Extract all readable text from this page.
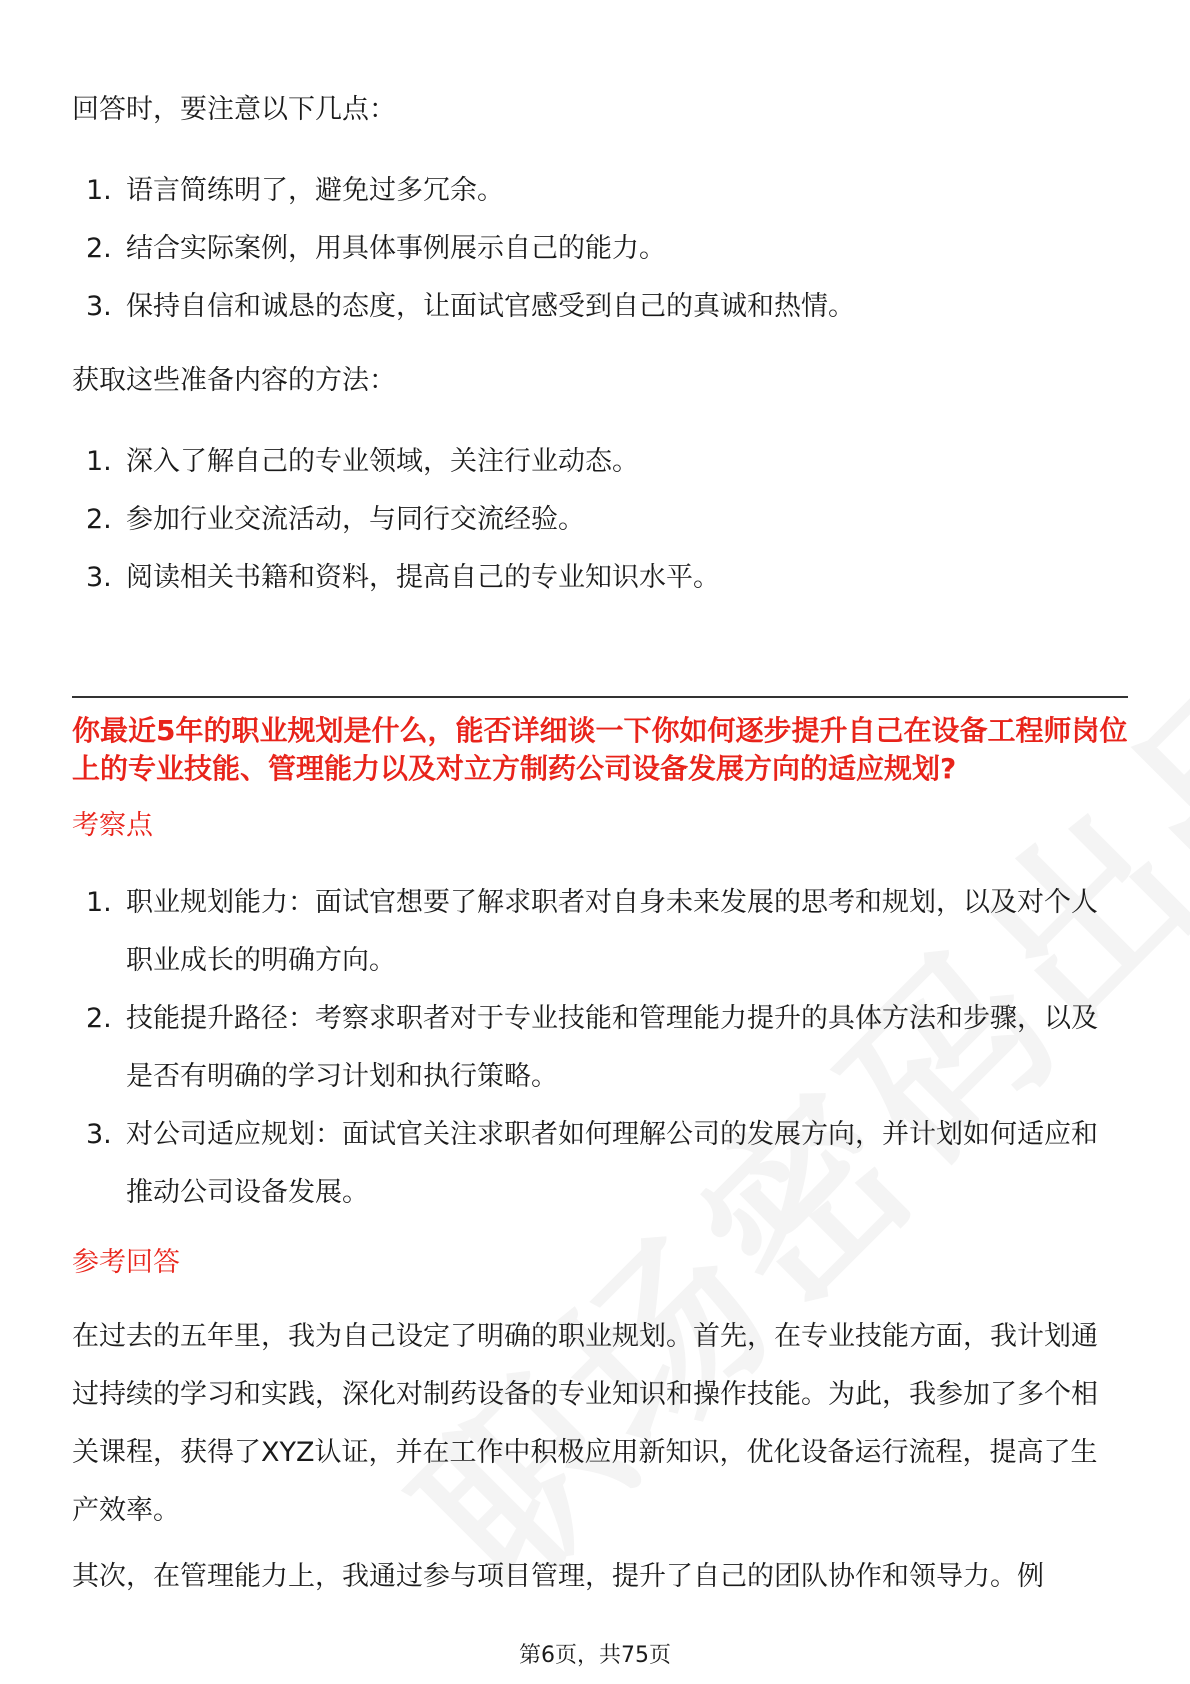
回答时，要注意以下几点：

1. 语言简练明了，避免过多冗余。
2. 结合实际案例，用具体事例展示自己的能力。
3. 保持自信和诚恳的态度，让面试官感受到自己的真诚和热情。

获取这些准备内容的方法：

1. 深入了解自己的专业领域，关注行业动态。
2. 参加行业交流活动，与同行交流经验。
3. 阅读相关书籍和资料，提高自己的专业知识水平。

你最近5年的职业规划是什么，能否详细谈一下你如何逐步提升自己在设备工程师岗位上的专业技能、管理能力以及对立方制药公司设备发展方向的适应规划?

考察点
1. 职业规划能力：面试官想要了解求职者对自身未来发展的思考和规划，以及对个人职业成长的明确方向。
2. 技能提升路径：考察求职者对于专业技能和管理能力提升的具体方法和步骤，以及是否有明确的学习计划和执行策略。
3. 对公司适应规划：面试官关注求职者如何理解公司的发展方向，并计划如何适应和推动公司设备发展。
参考回答

在过去的五年里，我为自己设定了明确的职业规划。首先，在专业技能方面，我计划通过持续的学习和实践，深化对制药设备的专业知识和操作技能。为此，我参加了多个相关课程，获得了XYZ认证，并在工作中积极应用新知识，优化设备运行流程，提高了生产效率。

其次，在管理能力上，我通过参与项目管理，提升了自己的团队协作和领导力。例

第6页，共75页
